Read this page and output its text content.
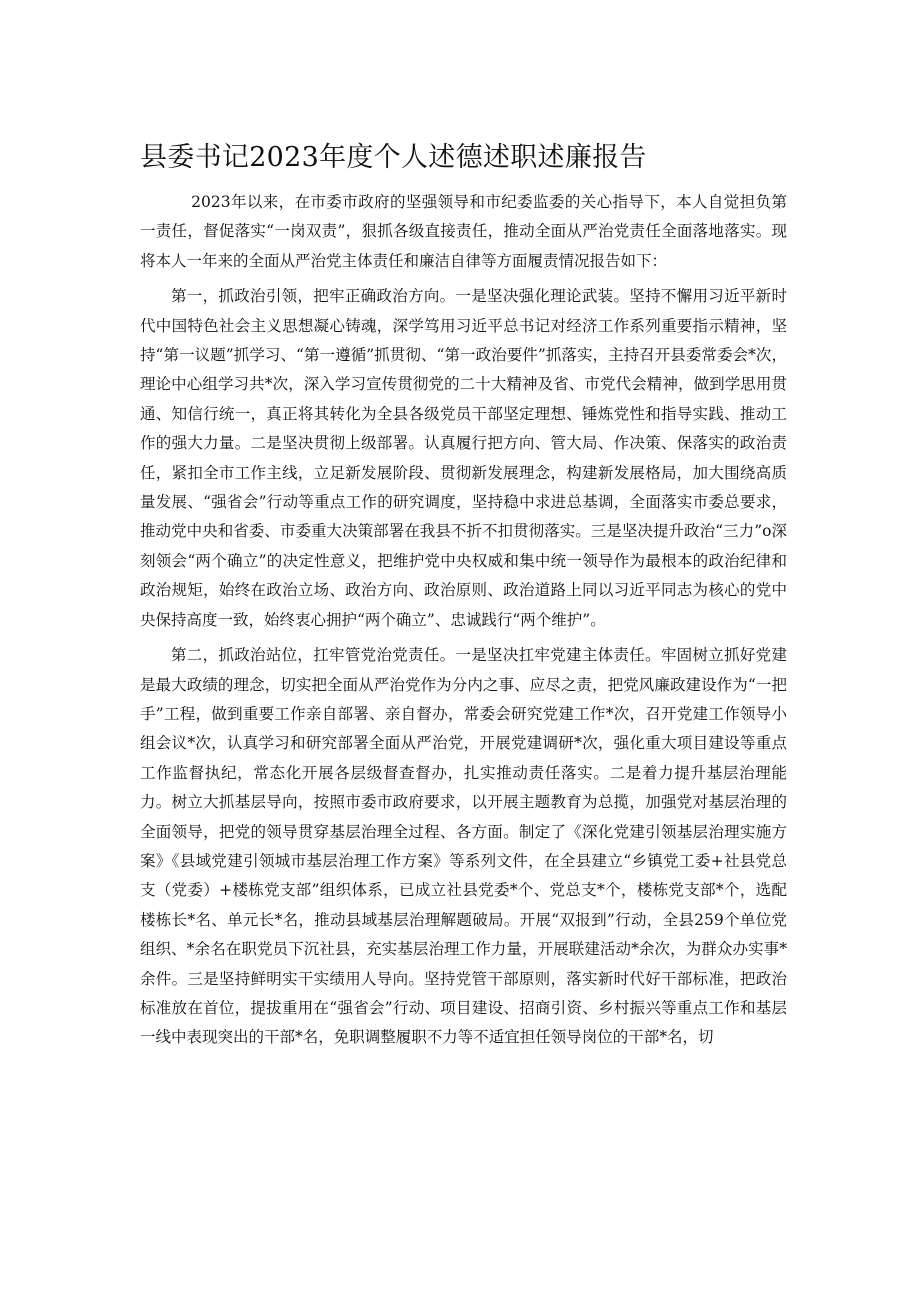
县委书记2023年度个人述德述职述廉报告

2023年以来，在市委市政府的坚强领导和市纪委监委的关心指导下，本人自觉担负第一责任，督促落实“一岗双责”，狠抓各级直接责任，推动全面从严治党责任全面落地落实。现将本人一年来的全面从严治党主体责任和廉洁自律等方面履责情况报告如下：

第一，抓政治引领，把牢正确政治方向。一是坚决强化理论武装。坚持不懈用习近平新时代中国特色社会主义思想凝心铸魂，深学笃用习近平总书记对经济工作系列重要指示精神，坚持“第一议题”抓学习、“第一遵循”抓贯彻、“第一政治要件”抓落实，主持召开县委常委会*次，理论中心组学习共*次，深入学习宣传贯彻党的二十大精神及省、市党代会精神，做到学思用贯通、知信行统一，真正将其转化为全县各级党员干部坚定理想、锤炼党性和指导实践、推动工作的强大力量。二是坚决贯彻上级部署。认真履行把方向、管大局、作决策、保落实的政治责任，紧扣全市工作主线，立足新发展阶段、贯彻新发展理念，构建新发展格局，加大围绕高质量发展、“强省会”行动等重点工作的研究调度，坚持稳中求进总基调，全面落实市委总要求，推动党中央和省委、市委重大决策部署在我县不折不扣贯彻落实。三是坚决提升政治“三力”o深刻领会“两个确立”的决定性意义，把维护党中央权威和集中统一领导作为最根本的政治纪律和政治规矩，始终在政治立场、政治方向、政治原则、政治道路上同以习近平同志为核心的党中央保持高度一致，始终衷心拥护“两个确立”、忠诚践行“两个维护”。

第二，抓政治站位，扛牢管党治党责任。一是坚决扛牢党建主体责任。牢固树立抓好党建是最大政绩的理念，切实把全面从严治党作为分内之事、应尽之责，把党风廉政建设作为“一把手”工程，做到重要工作亲自部署、亲自督办，常委会研究党建工作*次，召开党建工作领导小组会议*次，认真学习和研究部署全面从严治党，开展党建调研*次，强化重大项目建设等重点工作监督执纪，常态化开展各层级督查督办，扎实推动责任落实。二是着力提升基层治理能力。树立大抓基层导向，按照市委市政府要求，以开展主题教育为总揽，加强党对基层治理的全面领导，把党的领导贯穿基层治理全过程、各方面。制定了《深化党建引领基层治理实施方案》《县域党建引领城市基层治理工作方案》等系列文件，在全县建立“乡镇党工委+社县党总支（党委）+楼栋党支部”组织体系，已成立社县党委*个、党总支*个，楼栋党支部*个，选配楼栋长*名、单元长*名，推动县域基层治理解题破局。开展“双报到”行动，全县259个单位党组织、*余名在职党员下沉社县，充实基层治理工作力量，开展联建活动*余次，为群众办实事*余件。三是坚持鲜明实干实绩用人导向。坚持党管干部原则，落实新时代好干部标准，把政治标准放在首位，提拔重用在“强省会”行动、项目建设、招商引资、乡村振兴等重点工作和基层一线中表现突出的干部*名，免职调整履职不力等不适宜担任领导岗位的干部*名，切
